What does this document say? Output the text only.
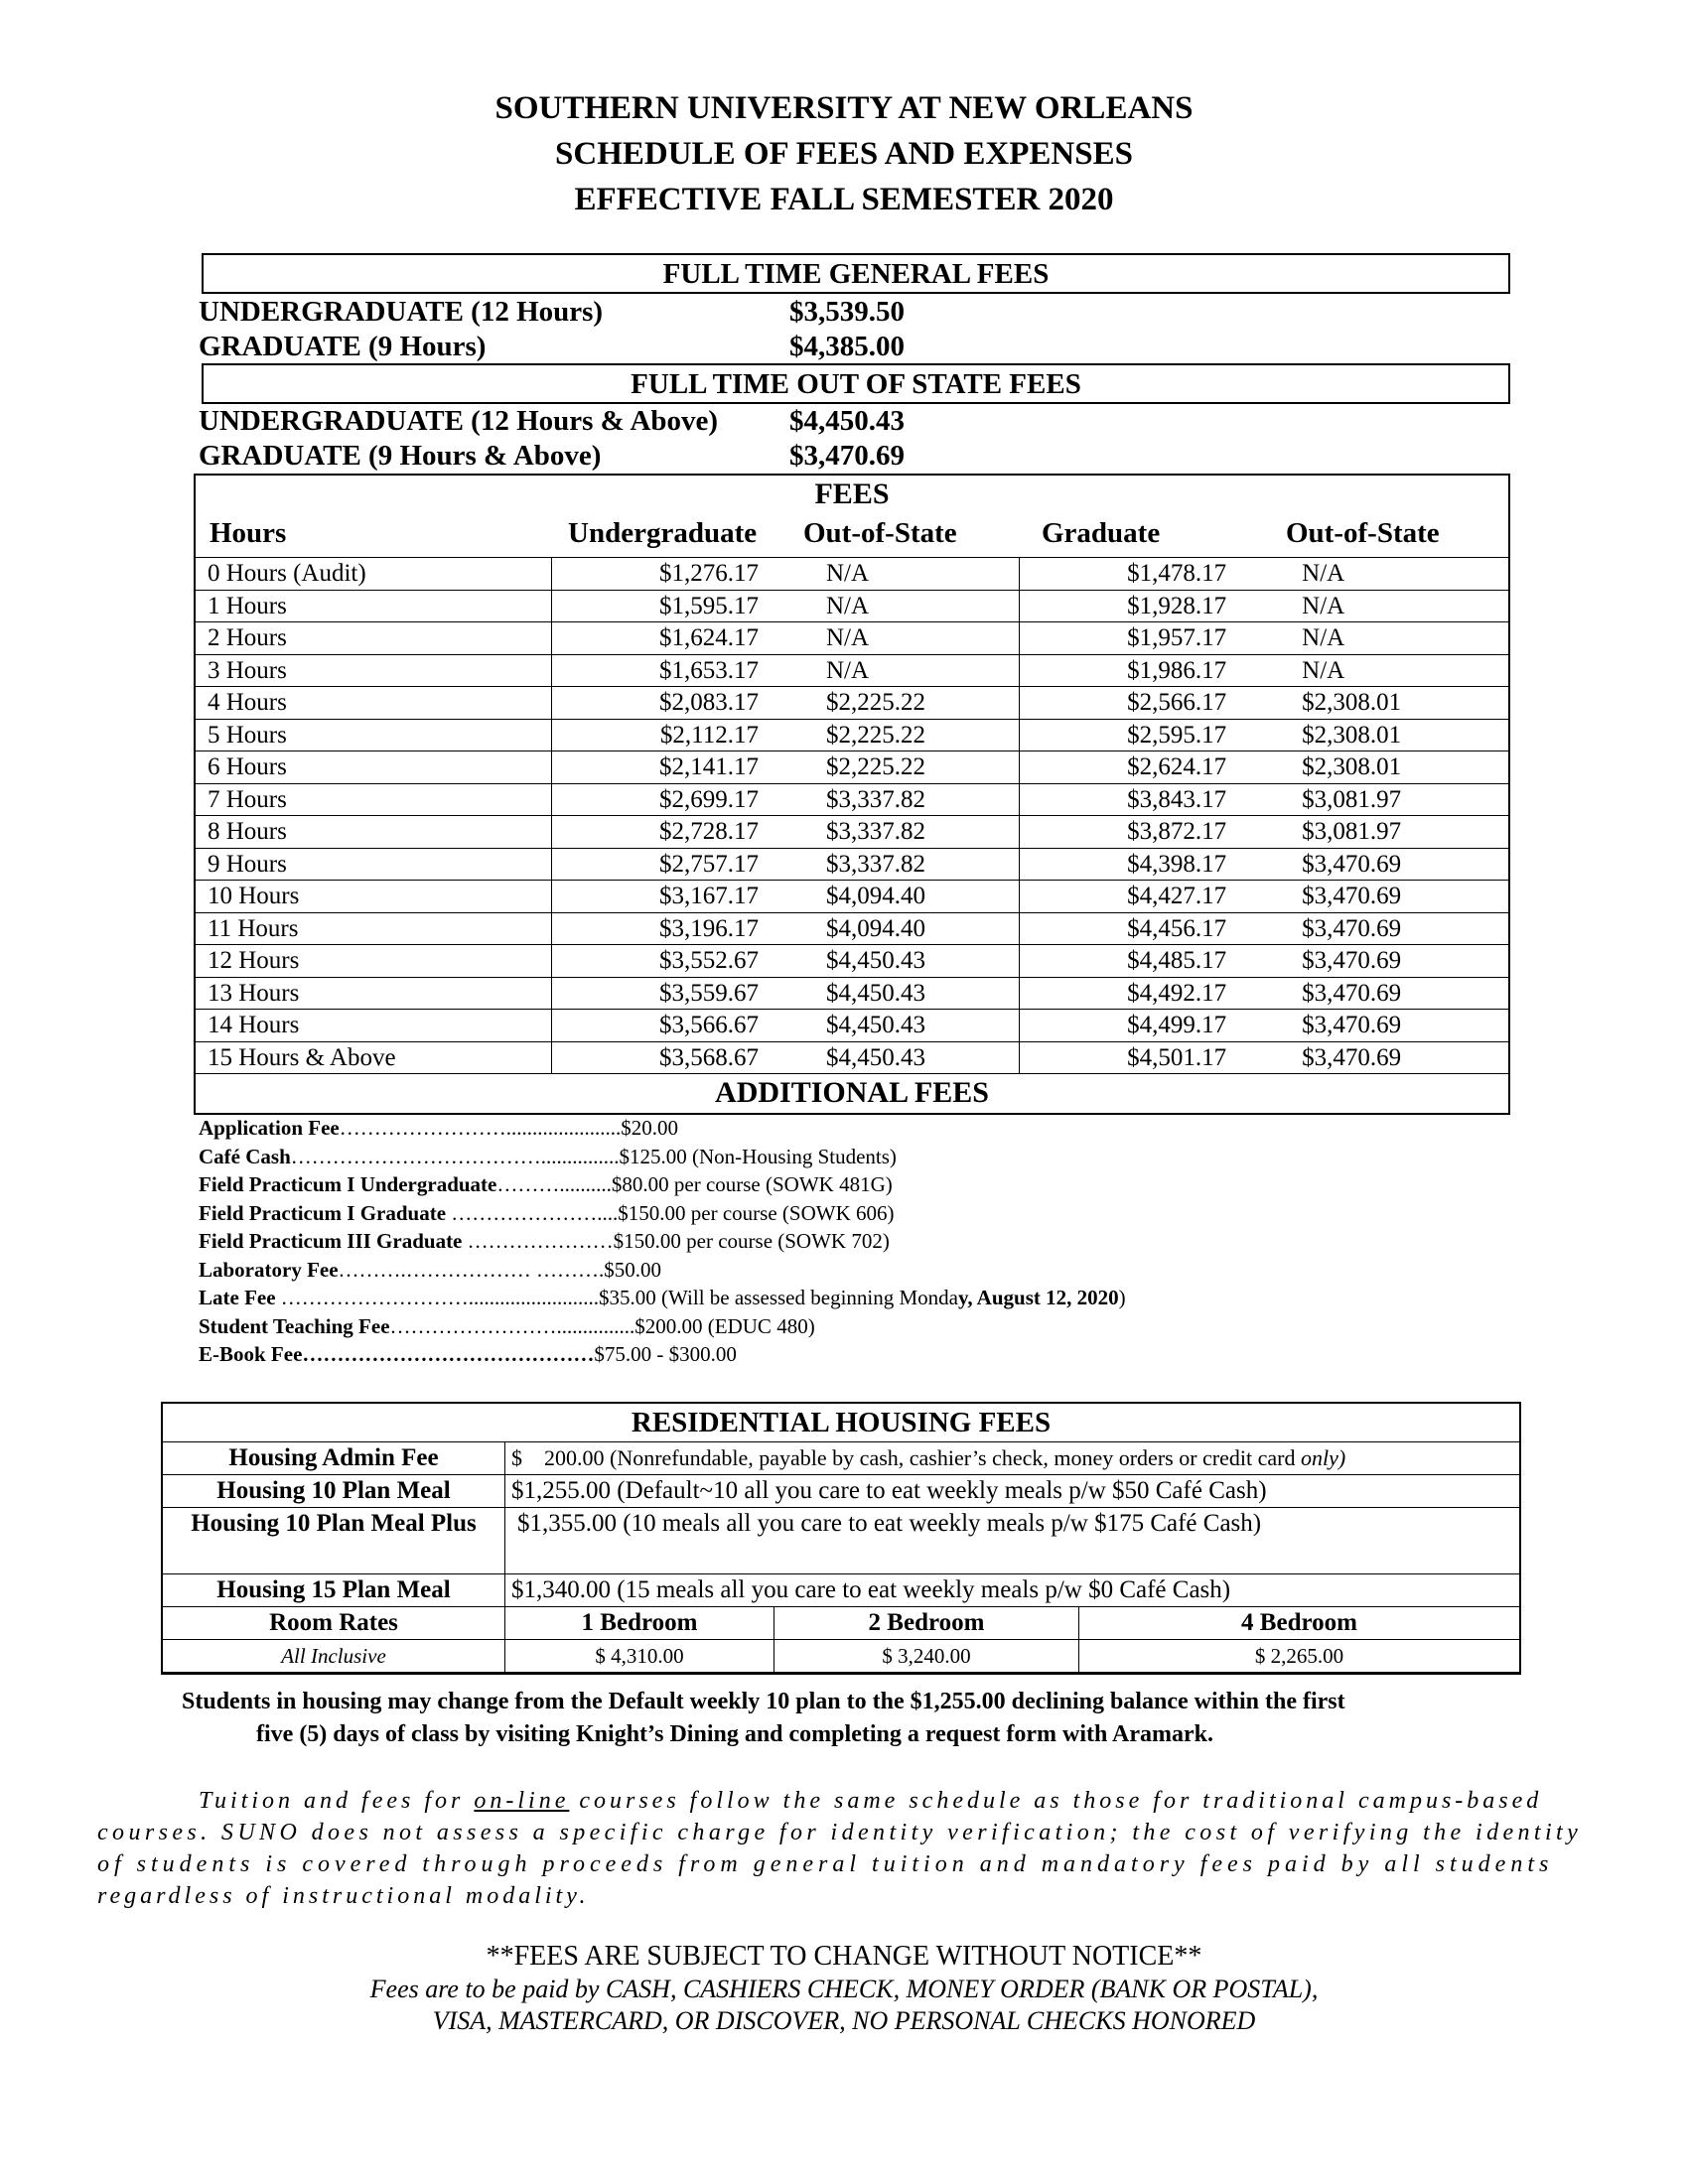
SOUTHERN UNIVERSITY AT NEW ORLEANS
SCHEDULE OF FEES AND EXPENSES
EFFECTIVE FALL SEMESTER 2020
FULL TIME GENERAL FEES
UNDERGRADUATE (12 Hours)	$3,539.50
GRADUATE (9 Hours)	$4,385.00
FULL TIME OUT OF STATE FEES
UNDERGRADUATE (12 Hours & Above) $4,450.43
GRADUATE (9 Hours & Above)	$3,470.69
FEES
Hours	Undergraduate Out-of-State	Graduate	Out-of-State
0 Hours (Audit)	$1,276.17 N/A	$1,478.17 N/A
1 Hours	$1,595.17 N/A	$1,928.17 N/A
2 Hours	$1,624.17 N/A	$1,957.17 N/A
3 Hours	$1,653.17 N/A	$1,986.17 N/A
4 Hours	$2,083.17 $2,225.22	$2,566.17 $2,308.01
5 Hours	$2,112.17 $2,225.22	$2,595.17 $2,308.01
6 Hours	$2,141.17 $2,225.22	$2,624.17 $2,308.01
7 Hours	$2,699.17 $3,337.82	$3,843.17 $3,081.97
8 Hours	$2,728.17 $3,337.82	$3,872.17 $3,081.97
9 Hours	$2,757.17 $3,337.82	$4,398.17 $3,470.69
10 Hours	$3,167.17 $4,094.40	$4,427.17 $3,470.69
11 Hours	$3,196.17 $4,094.40	$4,456.17 $3,470.69
12 Hours	$3,552.67 $4,450.43	$4,485.17 $3,470.69
13 Hours	$3,559.67 $4,450.43	$4,492.17 $3,470.69
14 Hours	$3,566.67 $4,450.43	$4,499.17 $3,470.69
15 Hours & Above	$3,568.67 $4,450.43	$4,501.17 $3,470.69
ADDITIONAL FEES
Application Fee……………………......................$20.00
Café Cash………………………………...............$125.00 (Non-Housing Students)
Field Practicum I Undergraduate………..........$80.00 per course (SOWK 481G)
Field Practicum I Graduate …………………....$150.00 per course (SOWK 606)
Field Practicum III Graduate …………………$150.00 per course (SOWK 702)
Laboratory Fee……….……………… ……….$50.00
Late Fee ……………………….........................$35.00 (Will be assessed beginning Monday, August 12, 2020)
Student Teaching Fee……………………...............$200.00 (EDUC 480)
E-Book Fee……………………………………$75.00 - $300.00
RESIDENTIAL HOUSING FEES			
Housing Admin Fee	$ 200.00 (Nonrefundable, payable by cash, cashier’s check, money orders or credit card only)		
Housing 10 Plan Meal	$1,255.00 (Default~10 all you care to eat weekly meals p/w $50 Café Cash)		
Housing 10 Plan Meal Plus	$1,355.00 (10 meals all you care to eat weekly meals p/w $175 Café Cash)		
Housing 15 Plan Meal	$1,340.00 (15 meals all you care to eat weekly meals p/w $0 Café Cash)		
Room Rates	1 Bedroom	2 Bedroom	4 Bedroom
All Inclusive	$ 4,310.00	$ 3,240.00	$ 2,265.00
Students in housing may change from the Default weekly 10 plan to the $1,255.00 declining balance within the first
five (5) days of class by visiting Knight’s Dining and completing a request form with Aramark.
Tuition and fees for on-line courses follow the same schedule as those for traditional campus-based
courses. SUNO does not assess a specific charge for identity verification; the cost of verifying the identity
of students is covered through proceeds from general tuition and mandatory fees paid by all students
regardless of instructional modality.
**FEES ARE SUBJECT TO CHANGE WITHOUT NOTICE**
Fees are to be paid by CASH, CASHIERS CHECK, MONEY ORDER (BANK OR POSTAL),
VISA, MASTERCARD, OR DISCOVER, NO PERSONAL CHECKS HONORED
